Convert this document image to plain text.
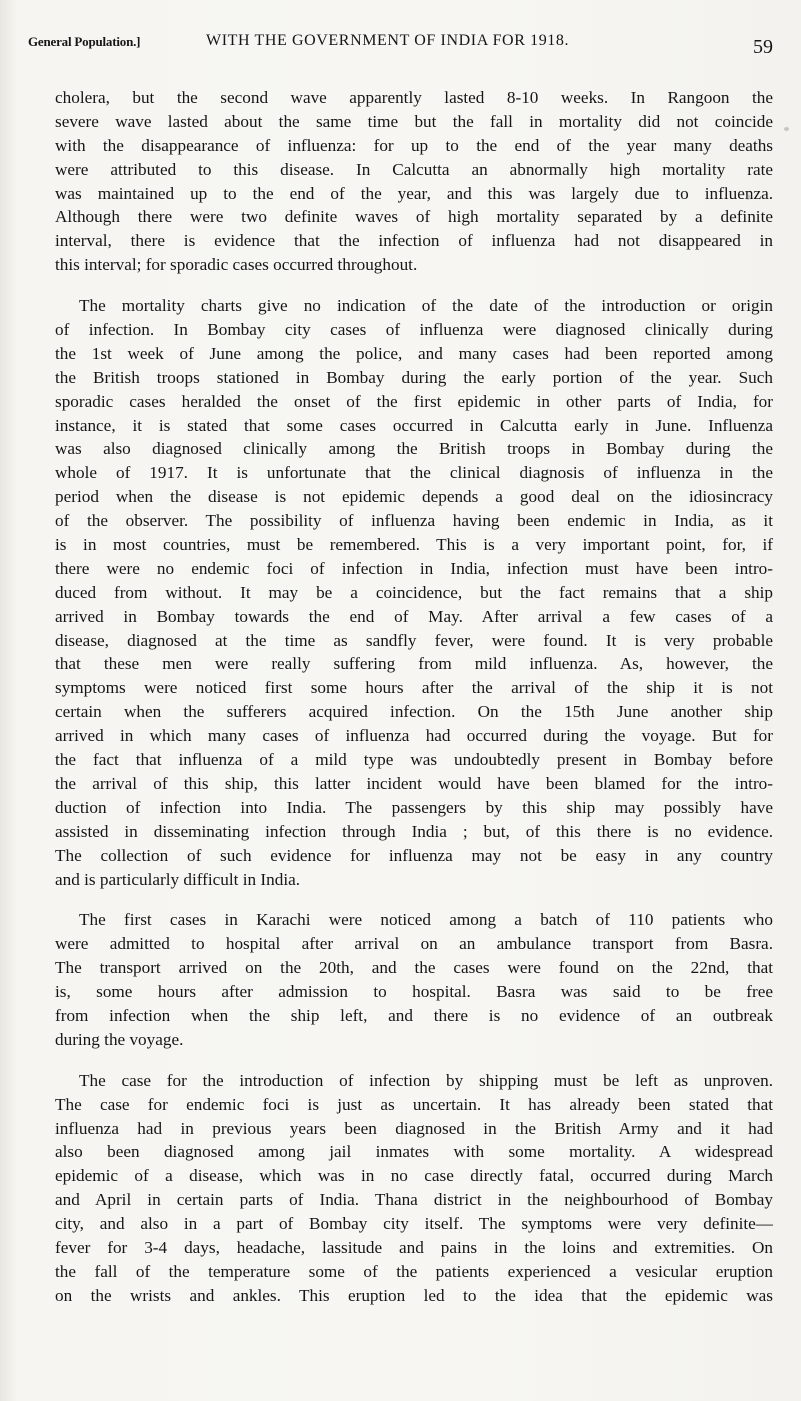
General Population.]	WITH THE GOVERNMENT OF INDIA FOR 1918.	59
cholera, but the second wave apparently lasted 8-10 weeks. In Rangoon the
severe wave lasted about the same time but the fall in mortality did not coincide
with the disappearance of influenza: for up to the end of the year many deaths
were attributed to this disease. In Calcutta an abnormally high mortality rate
was maintained up to the end of the year, and this was largely due to influenza.
Although there were two definite waves of high mortality separated by a definite
interval, there is evidence that the infection of influenza had not disappeared in
this interval; for sporadic cases occurred throughout.
The mortality charts give no indication of the date of the introduction or origin
of infection. In Bombay city cases of influenza were diagnosed clinically during
the 1st week of June among the police, and many cases had been reported among
the British troops stationed in Bombay during the early portion of the year. Such
sporadic cases heralded the onset of the first epidemic in other parts of India, for
instance, it is stated that some cases occurred in Calcutta early in June. Influenza
was also diagnosed clinically among the British troops in Bombay during the
whole of 1917. It is unfortunate that the clinical diagnosis of influenza in the
period when the disease is not epidemic depends a good deal on the idiosincracy
of the observer. The possibility of influenza having been endemic in India, as it
is in most countries, must be remembered. This is a very important point, for, if
there were no endemic foci of infection in India, infection must have been intro-
duced from without. It may be a coincidence, but the fact remains that a ship
arrived in Bombay towards the end of May. After arrival a few cases of a
disease, diagnosed at the time as sandfly fever, were found. It is very probable
that these men were really suffering from mild influenza. As, however, the
symptoms were noticed first some hours after the arrival of the ship it is not
certain when the sufferers acquired infection. On the 15th June another ship
arrived in which many cases of influenza had occurred during the voyage. But for
the fact that influenza of a mild type was undoubtedly present in Bombay before
the arrival of this ship, this latter incident would have been blamed for the intro-
duction of infection into India. The passengers by this ship may possibly have
assisted in disseminating infection through India ; but, of this there is no evidence.
The collection of such evidence for influenza may not be easy in any country
and is particularly difficult in India.
The first cases in Karachi were noticed among a batch of 110 patients who
were admitted to hospital after arrival on an ambulance transport from Basra.
The transport arrived on the 20th, and the cases were found on the 22nd, that
is, some hours after admission to hospital. Basra was said to be free
from infection when the ship left, and there is no evidence of an outbreak
during the voyage.
The case for the introduction of infection by shipping must be left as unproven.
The case for endemic foci is just as uncertain. It has already been stated that
influenza had in previous years been diagnosed in the British Army and it had
also been diagnosed among jail inmates with some mortality. A widespread
epidemic of a disease, which was in no case directly fatal, occurred during March
and April in certain parts of India. Thana district in the neighbourhood of Bombay
city, and also in a part of Bombay city itself. The symptoms were very definite—
fever for 3-4 days, headache, lassitude and pains in the loins and extremities. On
the fall of the temperature some of the patients experienced a vesicular eruption
on the wrists and ankles. This eruption led to the idea that the epidemic was
